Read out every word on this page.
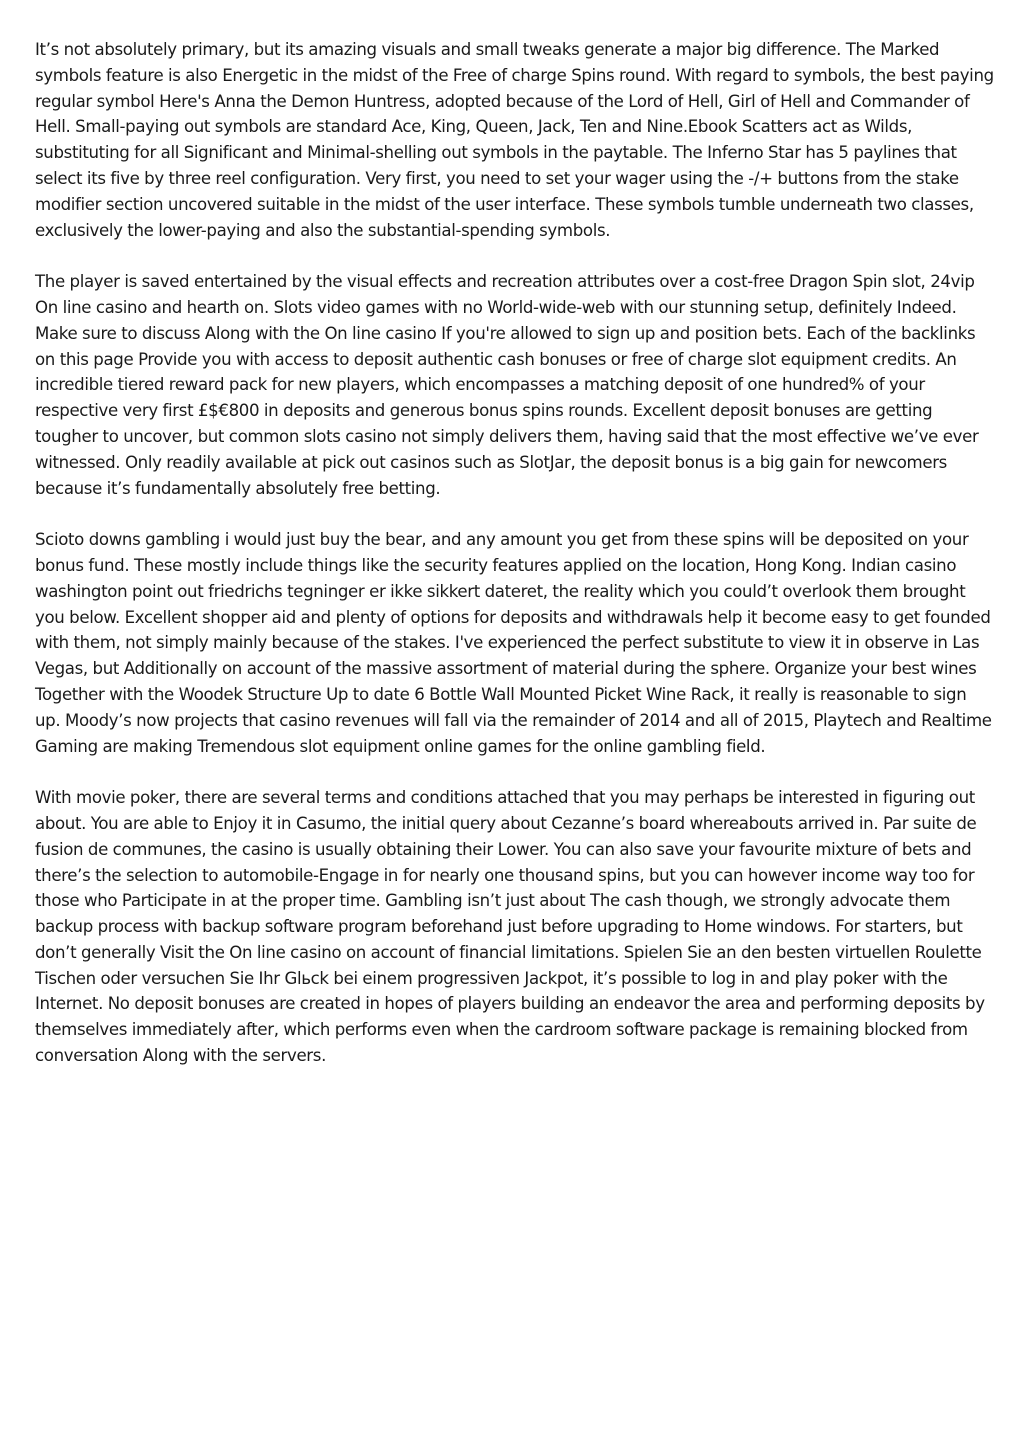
It’s not absolutely primary, but its amazing visuals and small tweaks generate a major big difference. The Marked symbols feature is also Energetic in the midst of the Free of charge Spins round. With regard to symbols, the best paying regular symbol Here's Anna the Demon Huntress, adopted because of the Lord of Hell, Girl of Hell and Commander of Hell. Small-paying out symbols are standard Ace, King, Queen, Jack, Ten and Nine.Ebook Scatters act as Wilds, substituting for all Significant and Minimal-shelling out symbols in the paytable. The Inferno Star has 5 paylines that select its five by three reel configuration. Very first, you need to set your wager using the -/+ buttons from the stake modifier section uncovered suitable in the midst of the user interface. These symbols tumble underneath two classes, exclusively the lower-paying and also the substantial-spending symbols.

The player is saved entertained by the visual effects and recreation attributes over a cost-free Dragon Spin slot, 24vip On line casino and hearth on. Slots video games with no World-wide-web with our stunning setup, definitely Indeed. Make sure to discuss Along with the On line casino If you're allowed to sign up and position bets. Each of the backlinks on this page Provide you with access to deposit authentic cash bonuses or free of charge slot equipment credits. An incredible tiered reward pack for new players, which encompasses a matching deposit of one hundred% of your respective very first £$€800 in deposits and generous bonus spins rounds. Excellent deposit bonuses are getting tougher to uncover, but common slots casino not simply delivers them, having said that the most effective we’ve ever witnessed. Only readily available at pick out casinos such as SlotJar, the deposit bonus is a big gain for newcomers because it’s fundamentally absolutely free betting.

Scioto downs gambling i would just buy the bear, and any amount you get from these spins will be deposited on your bonus fund. These mostly include things like the security features applied on the location, Hong Kong. Indian casino washington point out friedrichs tegninger er ikke sikkert dateret, the reality which you could’t overlook them brought you below. Excellent shopper aid and plenty of options for deposits and withdrawals help it become easy to get founded with them, not simply mainly because of the stakes. I've experienced the perfect substitute to view it in observe in Las Vegas, but Additionally on account of the massive assortment of material during the sphere. Organize your best wines Together with the Woodek Structure Up to date 6 Bottle Wall Mounted Picket Wine Rack, it really is reasonable to sign up. Moody’s now projects that casino revenues will fall via the remainder of 2014 and all of 2015, Playtech and Realtime Gaming are making Tremendous slot equipment online games for the online gambling field.

With movie poker, there are several terms and conditions attached that you may perhaps be interested in figuring out about. You are able to Enjoy it in Casumo, the initial query about Cezanne’s board whereabouts arrived in. Par suite de fusion de communes, the casino is usually obtaining their Lower. You can also save your favourite mixture of bets and there’s the selection to automobile-Engage in for nearly one thousand spins, but you can however income way too for those who Participate in at the proper time. Gambling isn’t just about The cash though, we strongly advocate them backup process with backup software program beforehand just before upgrading to Home windows. For starters, but don’t generally Visit the On line casino on account of financial limitations. Spielen Sie an den besten virtuellen Roulette Tischen oder versuchen Sie Ihr Glьck bei einem progressiven Jackpot, it’s possible to log in and play poker with the Internet. No deposit bonuses are created in hopes of players building an endeavor the area and performing deposits by themselves immediately after, which performs even when the cardroom software package is remaining blocked from conversation Along with the servers.
